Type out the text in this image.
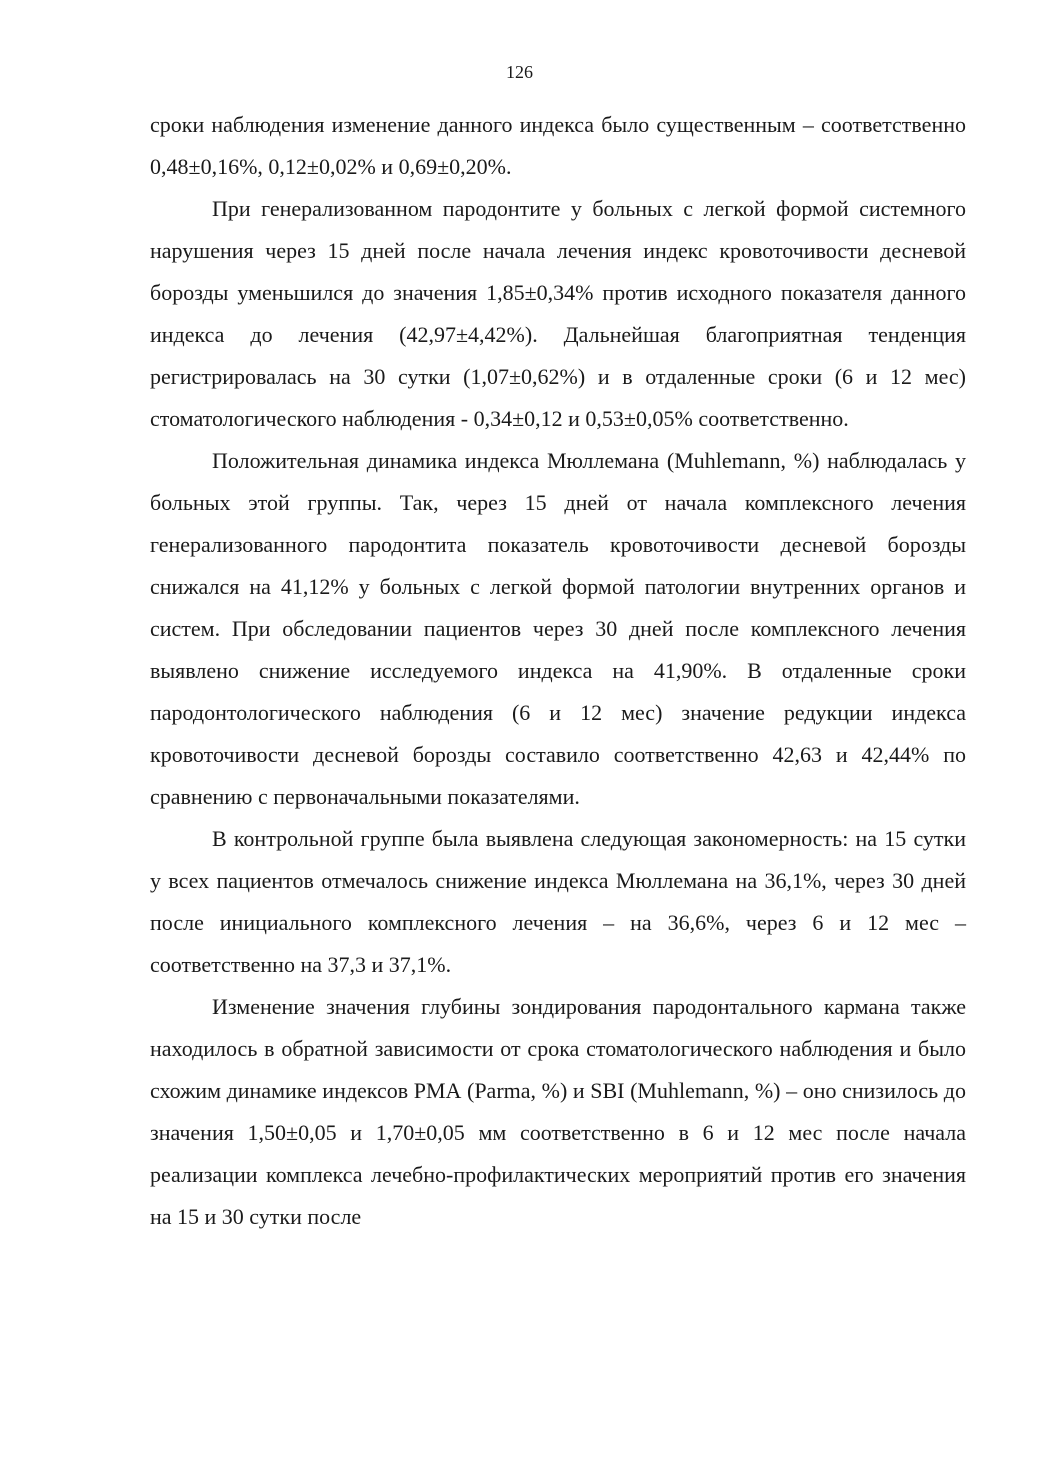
126

сроки наблюдения изменение данного индекса было существенным – соответственно 0,48±0,16%, 0,12±0,02% и 0,69±0,20%.

При генерализованном пародонтите у больных с легкой формой системного нарушения через 15 дней после начала лечения индекс кровоточивости десневой борозды уменьшился до значения 1,85±0,34% против исходного показателя данного индекса до лечения (42,97±4,42%). Дальнейшая благоприятная тенденция регистрировалась на 30 сутки (1,07±0,62%) и в отдаленные сроки (6 и 12 мес) стоматологического наблюдения - 0,34±0,12 и 0,53±0,05% соответственно.

Положительная динамика индекса Мюллемана (Muhlemann, %) наблюдалась у больных этой группы. Так, через 15 дней от начала комплексного лечения генерализованного пародонтита показатель кровоточивости десневой борозды снижался на 41,12% у больных с легкой формой патологии внутренних органов и систем. При обследовании пациентов через 30 дней после комплексного лечения выявлено снижение исследуемого индекса на 41,90%. В отдаленные сроки пародонтологического наблюдения (6 и 12 мес) значение редукции индекса кровоточивости десневой борозды составило соответственно 42,63 и 42,44% по сравнению с первоначальными показателями.

В контрольной группе была выявлена следующая закономерность: на 15 сутки у всех пациентов отмечалось снижение индекса Мюллемана на 36,1%, через 30 дней после инициального комплексного лечения – на 36,6%, через 6 и 12 мес – соответственно на 37,3 и 37,1%.

Изменение значения глубины зондирования пародонтального кармана также находилось в обратной зависимости от срока стоматологического наблюдения и было схожим динамике индексов РМА (Parma, %) и SBI (Muhlemann, %) – оно снизилось до значения 1,50±0,05 и 1,70±0,05 мм соответственно в 6 и 12 мес после начала реализации комплекса лечебно-профилактических мероприятий против его значения на 15 и 30 сутки после
